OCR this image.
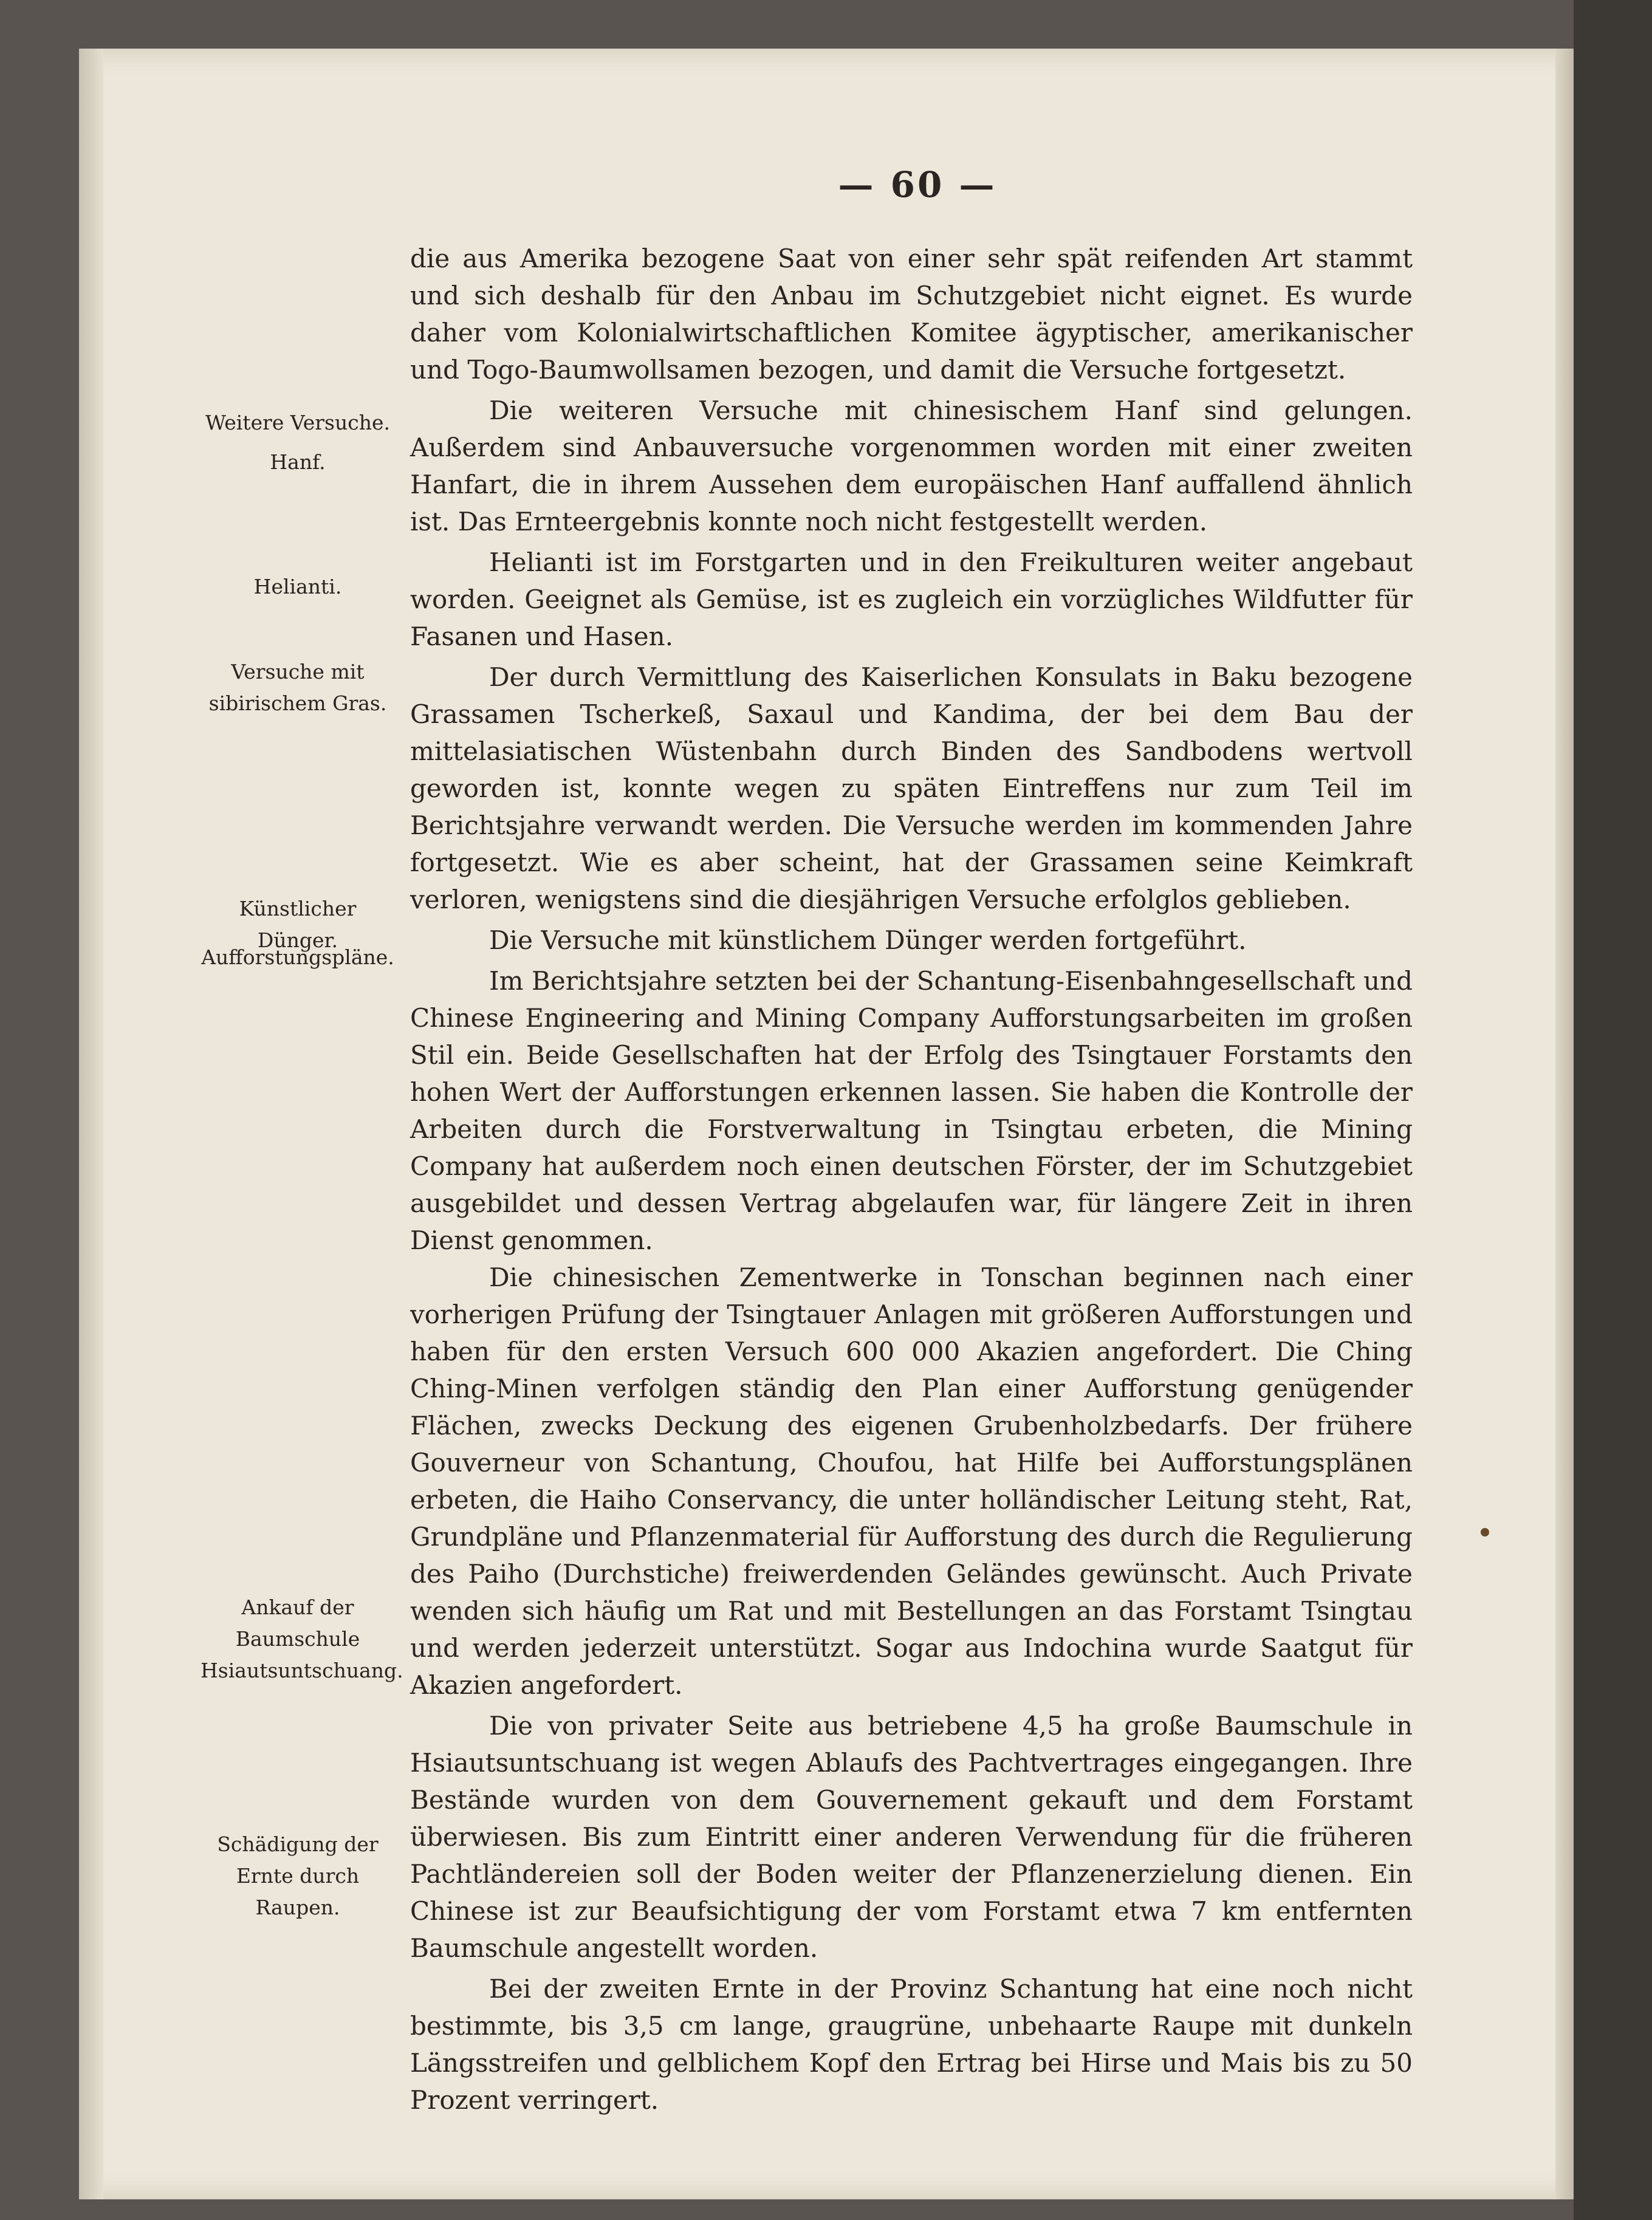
— 60 —
Weitere Versuche.
Hanf.
Helianti.
Versuche mit sibirischem Gras.
Künstlicher Dünger.
Aufforstungspläne.
Ankauf der Baumschule Hsiautsuntschuang.
Schädigung der Ernte durch Raupen.

die aus Amerika bezogene Saat von einer sehr spät reifenden Art stammt und sich deshalb für den Anbau im Schutzgebiet nicht eignet. Es wurde daher vom Kolonialwirtschaftlichen Komitee ägyptischer, amerikanischer und Togo-Baumwollsamen bezogen, und damit die Versuche fortgesetzt.

Die weiteren Versuche mit chinesischem Hanf sind gelungen. Außerdem sind Anbauversuche vorgenommen worden mit einer zweiten Hanfart, die in ihrem Aussehen dem europäischen Hanf auffallend ähnlich ist. Das Ernteergebnis konnte noch nicht festgestellt werden.

Helianti ist im Forstgarten und in den Freikulturen weiter angebaut worden. Geeignet als Gemüse, ist es zugleich ein vorzügliches Wildfutter für Fasanen und Hasen.

Der durch Vermittlung des Kaiserlichen Konsulats in Baku bezogene Grassamen Tscherkeß, Saxaul und Kandima, der bei dem Bau der mittelasiatischen Wüstenbahn durch Binden des Sandbodens wertvoll geworden ist, konnte wegen zu späten Eintreffens nur zum Teil im Berichtsjahre verwandt werden. Die Versuche werden im kommenden Jahre fortgesetzt. Wie es aber scheint, hat der Grassamen seine Keimkraft verloren, wenigstens sind die diesjährigen Versuche erfolglos geblieben.

Die Versuche mit künstlichem Dünger werden fortgeführt.

Im Berichtsjahre setzten bei der Schantung-Eisenbahngesellschaft und Chinese Engineering and Mining Company Aufforstungsarbeiten im großen Stil ein. Beide Gesellschaften hat der Erfolg des Tsingtauer Forstamts den hohen Wert der Aufforstungen erkennen lassen. Sie haben die Kontrolle der Arbeiten durch die Forstverwaltung in Tsingtau erbeten, die Mining Company hat außerdem noch einen deutschen Förster, der im Schutzgebiet ausgebildet und dessen Vertrag abgelaufen war, für längere Zeit in ihren Dienst genommen.

Die chinesischen Zementwerke in Tonschan beginnen nach einer vorherigen Prüfung der Tsingtauer Anlagen mit größeren Aufforstungen und haben für den ersten Versuch 600 000 Akazien angefordert. Die Ching Ching-Minen verfolgen ständig den Plan einer Aufforstung genügender Flächen, zwecks Deckung des eigenen Grubenholzbedarfs. Der frühere Gouverneur von Schantung, Choufou, hat Hilfe bei Aufforstungsplänen erbeten, die Haiho Conservancy, die unter holländischer Leitung steht, Rat, Grundpläne und Pflanzenmaterial für Aufforstung des durch die Regulierung des Paiho (Durchstiche) freiwerdenden Geländes gewünscht. Auch Private wenden sich häufig um Rat und mit Bestellungen an das Forstamt Tsingtau und werden jederzeit unterstützt. Sogar aus Indochina wurde Saatgut für Akazien angefordert.

Die von privater Seite aus betriebene 4,5 ha große Baumschule in Hsiautsuntschuang ist wegen Ablaufs des Pachtvertrages eingegangen. Ihre Bestände wurden von dem Gouvernement gekauft und dem Forstamt überwiesen. Bis zum Eintritt einer anderen Verwendung für die früheren Pachtländereien soll der Boden weiter der Pflanzenerzielung dienen. Ein Chinese ist zur Beaufsichtigung der vom Forstamt etwa 7 km entfernten Baumschule angestellt worden.

Bei der zweiten Ernte in der Provinz Schantung hat eine noch nicht bestimmte, bis 3,5 cm lange, graugrüne, unbehaarte Raupe mit dunkeln Längsstreifen und gelblichem Kopf den Ertrag bei Hirse und Mais bis zu 50 Prozent verringert.
